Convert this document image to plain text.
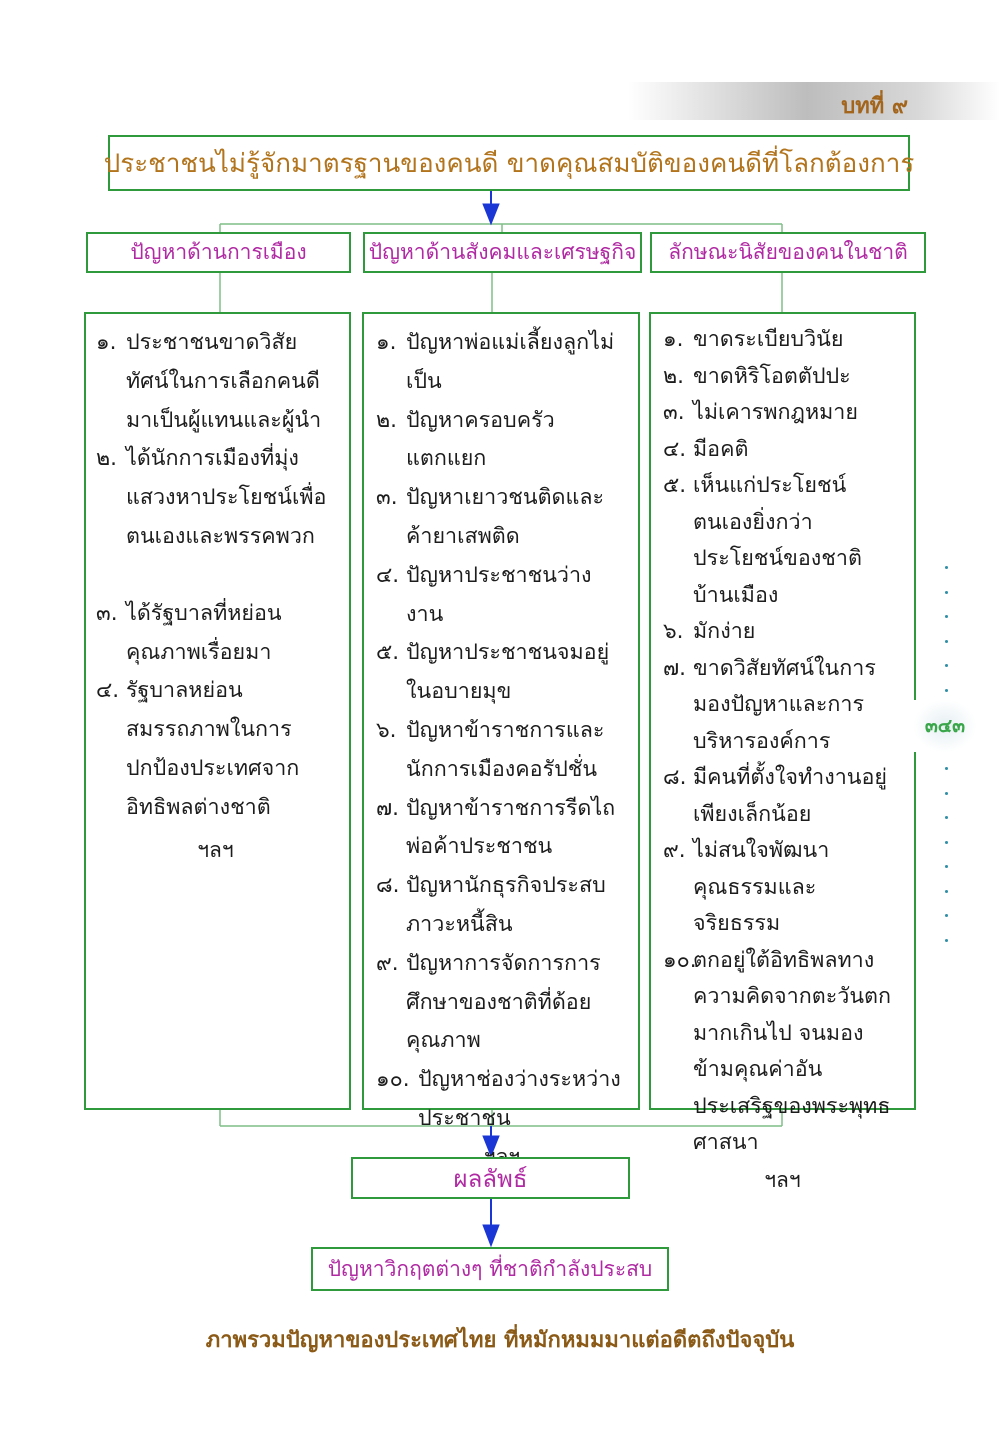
บทที่ ๙
ประชาชนไม่รู้จักมาตรฐานของคนดี ขาดคุณสมบัติของคนดีที่โลกต้องการ
ปัญหาด้านการเมือง	ปัญหาด้านสังคมและเศรษฐกิจ ลักษณะนิสัยของคนในชาติ
๑. ประชาชนขาดวิสัยทัศน์ในการเลือกคนดีมาเป็นผู้แทนและผู้นำ
๒. ได้นักการเมืองที่มุ่งแสวงหาประโยชน์เพื่อตนเองและพรรคพวก
๓. ได้รัฐบาลที่หย่อนคุณภาพเรื่อยมา
๔. รัฐบาลหย่อนสมรรถภาพในการปกป้องประเทศจากอิทธิพลต่างชาติ
ฯลฯ
๑. ปัญหาพ่อแม่เลี้ยงลูกไม่เป็น
๒. ปัญหาครอบครัวแตกแยก
๓. ปัญหาเยาวชนติดและค้ายาเสพติด
๔. ปัญหาประชาชนว่างงาน
๕. ปัญหาประชาชนจมอยู่ในอบายมุข
๖. ปัญหาข้าราชการและนักการเมืองคอรัปชั่น
๗. ปัญหาข้าราชการรีดไถพ่อค้าประชาชน
๘. ปัญหานักธุรกิจประสบภาวะหนี้สิน
๙. ปัญหาการจัดการการศึกษาของชาติที่ด้อยคุณภาพ
๑๐. ปัญหาช่องว่างระหว่างประชาชน
๑. ขาดระเบียบวินัย
๒. ขาดหิริโอตตัปปะ
๓. ไม่เคารพกฎหมาย
๔. มีอคติ
๕. เห็นแก่ประโยชน์ตนเองยิ่งกว่าประโยชน์ของชาติบ้านเมือง
๖. มักง่าย
๗. ขาดวิสัยทัศน์ในการมองปัญหาและการบริหารองค์การ
๘. มีคนที่ตั้งใจทำงานอยู่เพียงเล็กน้อย
๙. ไม่สนใจพัฒนาคุณธรรมและจริยธรรม
๑๐.
ตกอยู่ใต้อิทธิพลทางความคิดจากตะวันตกมากเกินไป จนมองข้ามคุณค่าอันประเสริฐของพระพุทธศาสนา
ฯลฯ
ผลลัพธ์
ปัญหาวิกฤตต่างๆ ที่ชาติกำลังประสบ
ภาพรวมปัญหาของประเทศไทย ที่หมักหมมมาแต่อดีตถึงปัจจุบัน
๓๔๓
